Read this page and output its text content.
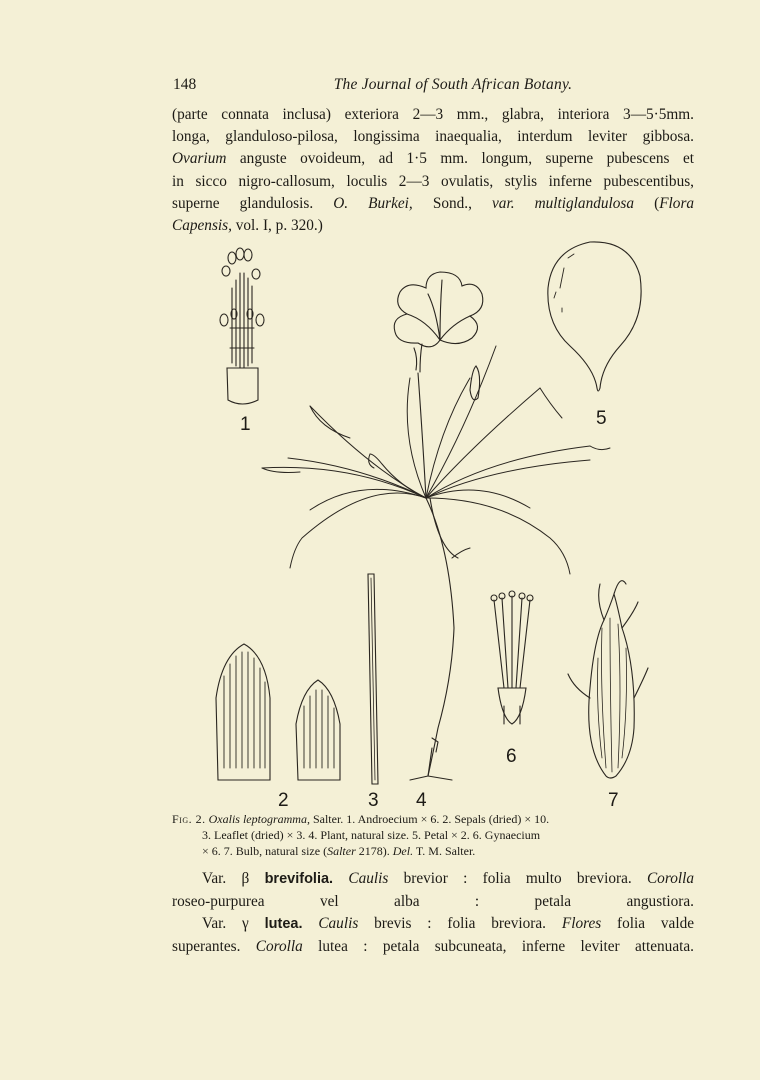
148	The Journal of South African Botany.
(parte connata inclusa) exteriora 2—3 mm., glabra, interiora 3—5·5mm.
longa, glanduloso-pilosa, longissima inaequalia, interdum leviter gibbosa.
Ovarium anguste ovoideum, ad 1·5 mm. longum, superne pubescens et
in sicco nigro-callosum, loculis 2—3 ovulatis, stylis inferne pubescentibus,
superne glandulosis. O. Burkei, Sond., var. multiglandulosa (Flora
Capensis, vol. I, p. 320.)
1	5
2	3 4
6
7
Fig. 2. Oxalis leptogramma, Salter. 1. Androecium × 6. 2. Sepals (dried) × 10.
3. Leaflet (dried) × 3. 4. Plant, natural size. 5. Petal × 2. 6. Gynaecium
× 6. 7. Bulb, natural size (Salter 2178). Del. T. M. Salter.
Var. β brevifolia. Caulis brevior : folia multo breviora. Corolla
roseo-purpurea vel alba : petala angustiora.
Var. γ lutea. Caulis brevis : folia breviora. Flores folia valde
superantes. Corolla lutea : petala subcuneata, inferne leviter attenuata.
